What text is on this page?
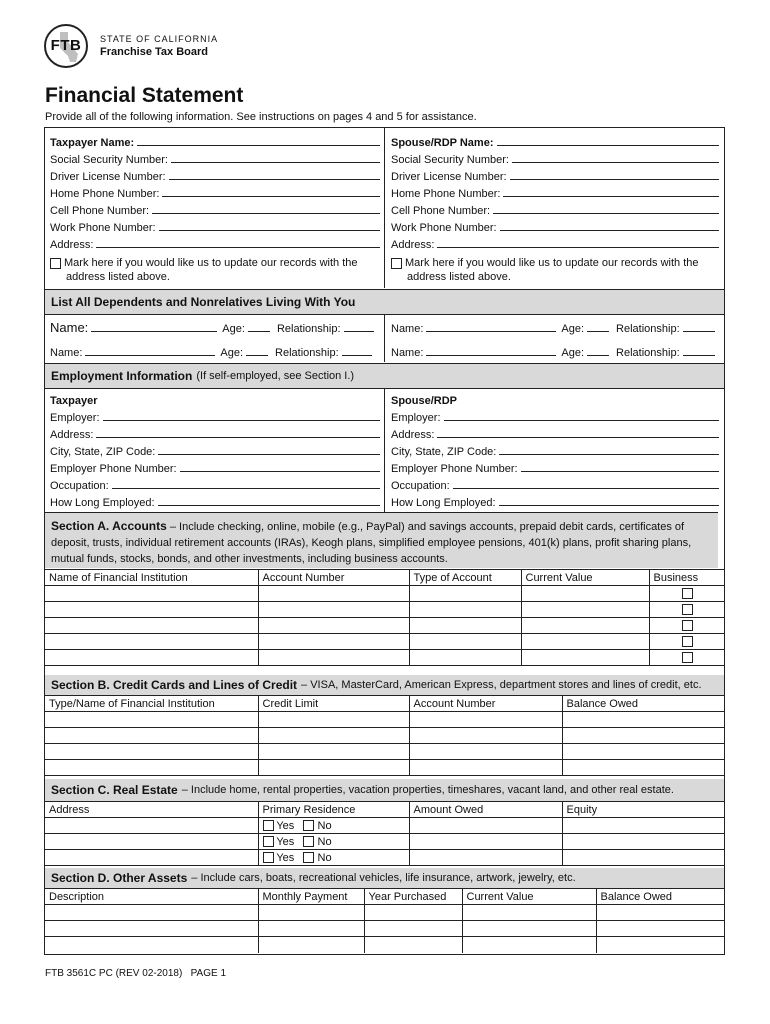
FTB	STATE OF CALIFORNIA
Franchise Tax Board
Financial Statement
Provide all of the following information. See instructions on pages 4 and 5 for assistance.
Taxpayer Name:
Social Security Number:
Driver License Number:
Home Phone Number:
Cell Phone Number:
Work Phone Number:
Address:
Mark here if you would like us to update our records with the
address listed above.
Spouse/RDP Name:
Social Security Number:
Driver License Number:
Home Phone Number:
Cell Phone Number:
Work Phone Number:
Address:
Mark here if you would like us to update our records with the
address listed above.
List All Dependents and Nonrelatives Living With You
Name:	Age:	Relationship:	Name:	Age:	Relationship:
Name:	Age:	Relationship:	Name:	Age:	Relationship:
Employment Information (If self-employed, see Section I.)
Taxpayer
Employer:
Address:
City, State, ZIP Code:
Employer Phone Number:
Occupation:
How Long Employed:
Spouse/RDP
Employer:
Address:
City, State, ZIP Code:
Employer Phone Number:
Occupation:
How Long Employed:
Section A. Accounts – Include checking, online, mobile (e.g., PayPal) and savings accounts, prepaid debit cards, certificates of
deposit, trusts, individual retirement accounts (IRAs), Keogh plans, simplified employee pensions, 401(k) plans, profit sharing plans,
mutual funds, stocks, bonds, and other investments, including business accounts.
Name of Financial Institution	Account Number	Type of Account	Current Value	Business

Section B. Credit Cards and Lines of Credit – VISA, MasterCard, American Express, department stores and lines of credit, etc.
Type/Name of Financial Institution	Credit Limit	Account Number	Balance Owed

Section C. Real Estate – Include home, rental properties, vacation properties, timeshares, vacant land, and other real estate.
Address	Primary Residence	Amount Owed	Equity
	Yes No		
	Yes No		
	Yes No		
Section D. Other Assets – Include cars, boats, recreational vehicles, life insurance, artwork, jewelry, etc.
Description	Monthly Payment	Year Purchased	Current Value	Balance Owed

FTB 3561C PC (REV 02-2018)   PAGE 1
